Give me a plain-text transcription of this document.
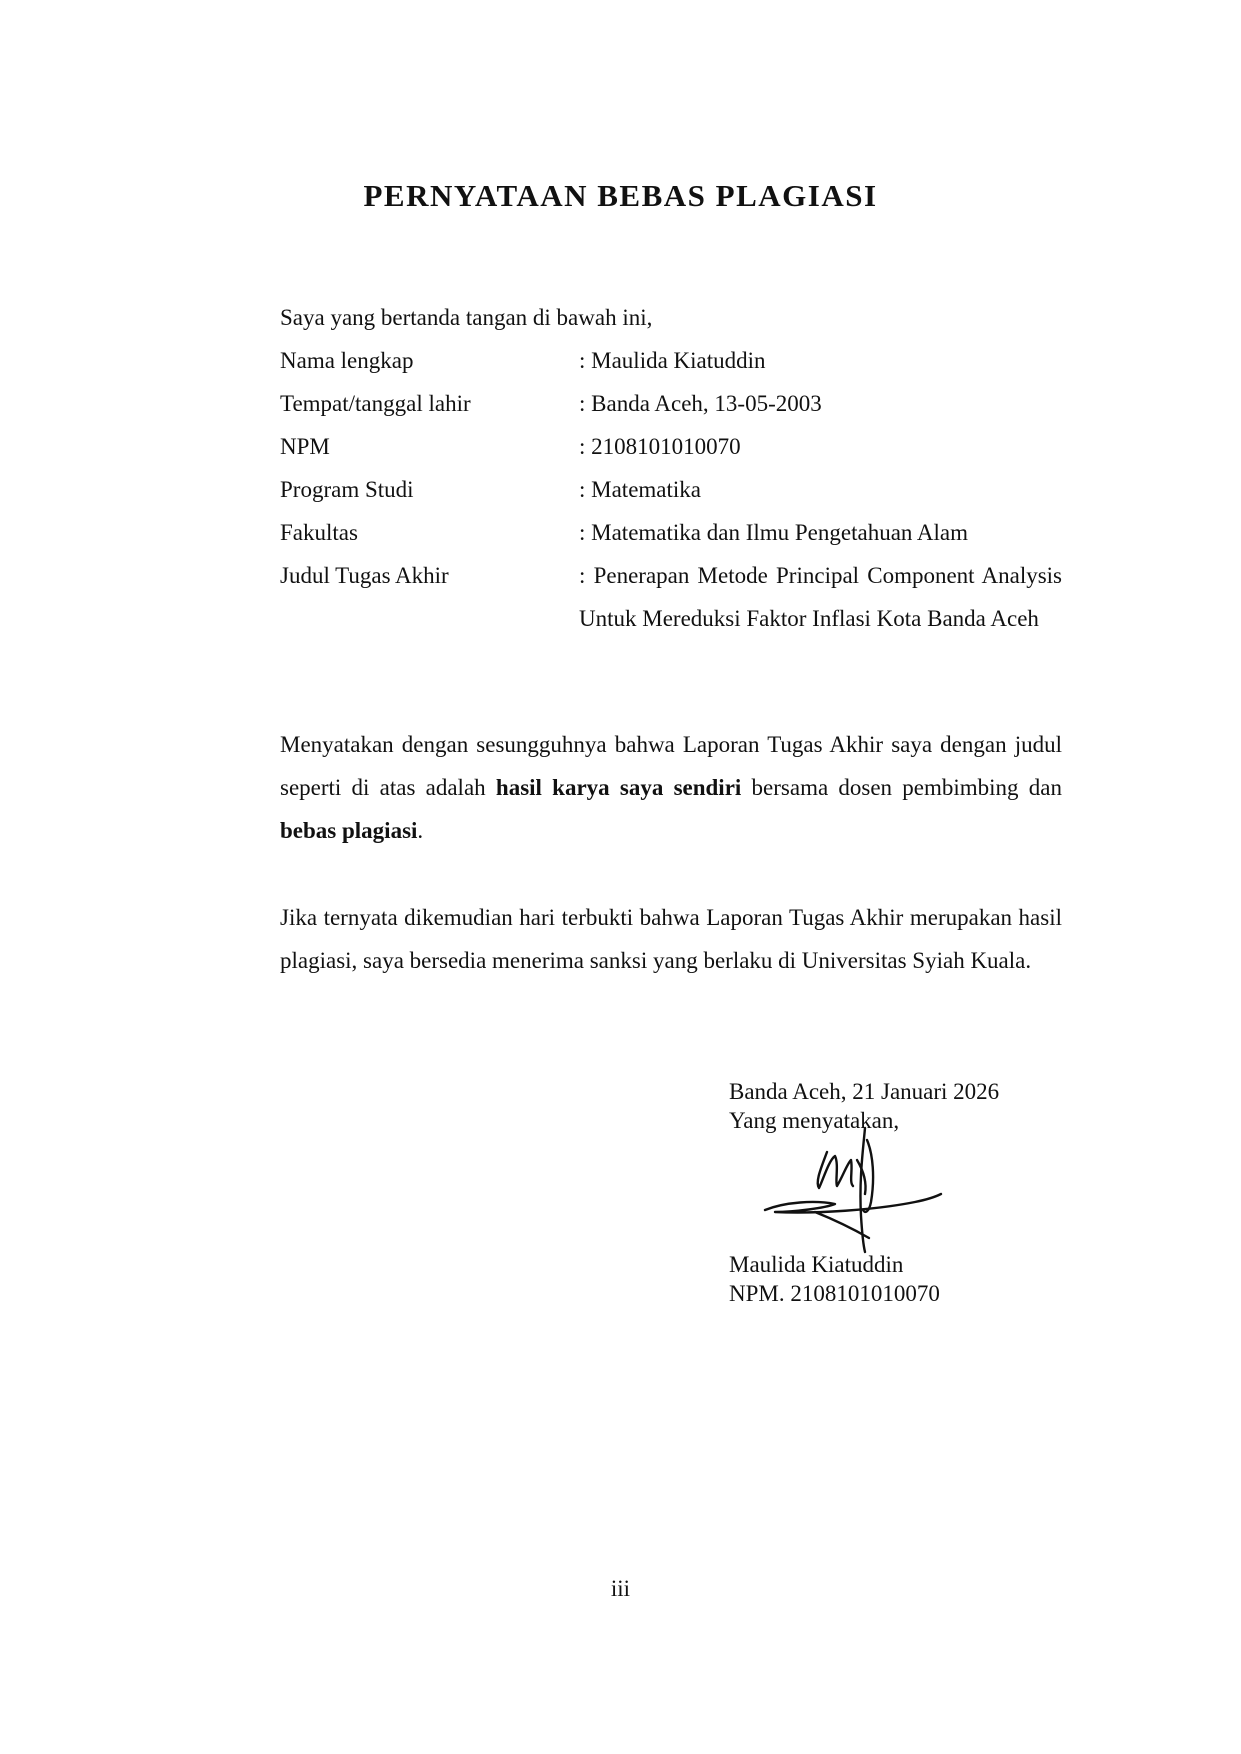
PERNYATAAN BEBAS PLAGIASI
Saya yang bertanda tangan di bawah ini,
Nama lengkap	: Maulida Kiatuddin
Tempat/tanggal lahir	: Banda Aceh, 13-05-2003
NPM	: 2108101010070
Program Studi	: Matematika
Fakultas	: Matematika dan Ilmu Pengetahuan Alam
Judul Tugas Akhir	: Penerapan Metode Principal Component Analysis Untuk Mereduksi Faktor Inflasi Kota Banda Aceh

Menyatakan dengan sesungguhnya bahwa Laporan Tugas Akhir saya dengan judul seperti di atas adalah hasil karya saya sendiri bersama dosen pembimbing dan bebas plagiasi.

Jika ternyata dikemudian hari terbukti bahwa Laporan Tugas Akhir merupakan hasil plagiasi, saya bersedia menerima sanksi yang berlaku di Universitas Syiah Kuala.

Banda Aceh, 21 Januari 2026
Yang menyatakan,
Maulida Kiatuddin
NPM. 2108101010070
iii
